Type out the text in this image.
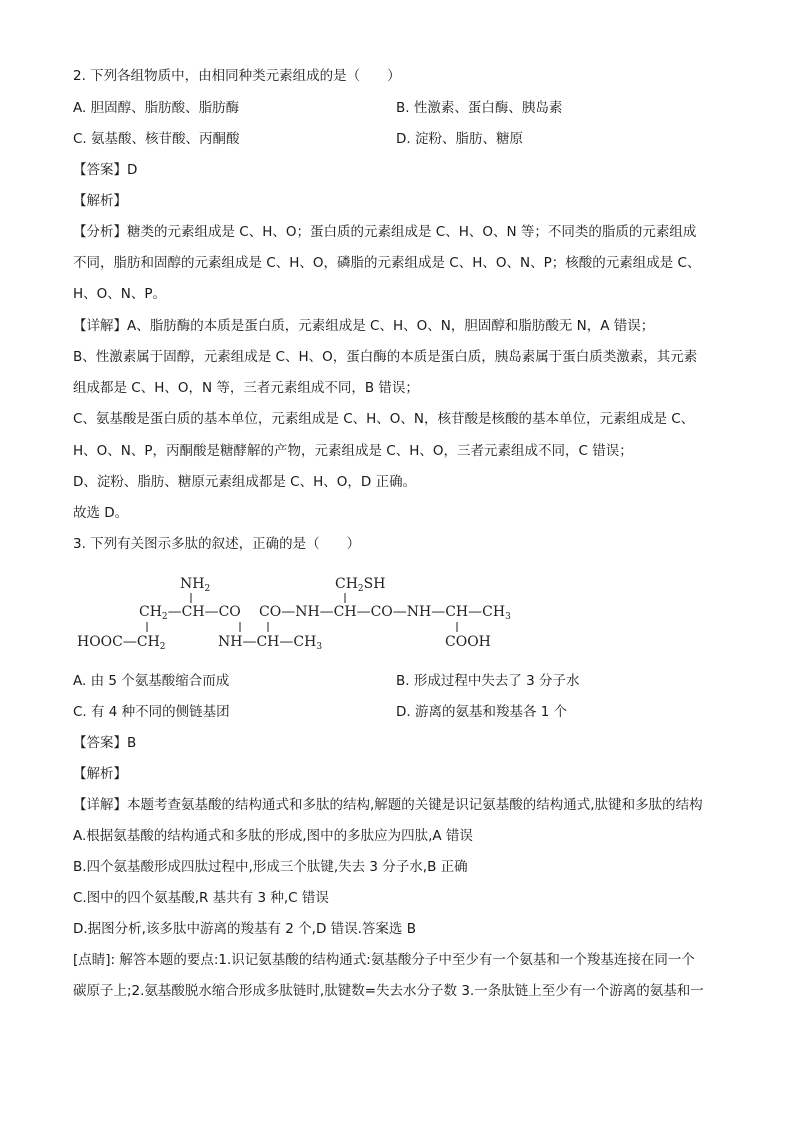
2. 下列各组物质中，由相同种类元素组成的是（　　）
A. 胆固醇、脂肪酸、脂肪酶	B. 性激素、蛋白酶、胰岛素
C. 氨基酸、核苷酸、丙酮酸	D. 淀粉、脂肪、糖原
【答案】D
【解析】
【分析】糖类的元素组成是 C、H、O；蛋白质的元素组成是 C、H、O、N 等；不同类的脂质的元素组成
不同，脂肪和固醇的元素组成是 C、H、O，磷脂的元素组成是 C、H、O、N、P；核酸的元素组成是 C、
H、O、N、P。
【详解】A、脂肪酶的本质是蛋白质，元素组成是 C、H、O、N，胆固醇和脂肪酸无 N，A 错误；
B、性激素属于固醇，元素组成是 C、H、O，蛋白酶的本质是蛋白质，胰岛素属于蛋白质类激素，其元素
组成都是 C、H、O，N 等，三者元素组成不同，B 错误；
C、氨基酸是蛋白质的基本单位，元素组成是 C、H、O、N，核苷酸是核酸的基本单位，元素组成是 C、
H、O、N、P，丙酮酸是糖酵解的产物，元素组成是 C、H、O，三者元素组成不同，C 错误；
D、淀粉、脂肪、糖原元素组成都是 C、H、O，D 正确。
故选 D。
3. 下列有关图示多肽的叙述，正确的是（　　）
$NH_2$	$CH_2SH$
$CH_2—CH—CO$ $CO—NH—CH—CO—NH—CH—CH_3$
$HOOC—CH_2$	$NH—CH—CH_3$	COOH
A. 由 5 个氨基酸缩合而成	B. 形成过程中失去了 3 分子水
C. 有 4 种不同的侧链基团	D. 游离的氨基和羧基各 1 个
【答案】B
【解析】
【详解】本题考查氨基酸的结构通式和多肽的结构,解题的关键是识记氨基酸的结构通式,肽键和多肽的结构
A.根据氨基酸的结构通式和多肽的形成,图中的多肽应为四肽,A 错误
B.四个氨基酸形成四肽过程中,形成三个肽键,失去 3 分子水,B 正确
C.图中的四个氨基酸,R 基共有 3 种,C 错误
D.据图分析,该多肽中游离的羧基有 2 个,D 错误.答案选 B
[点睛]: 解答本题的要点:1.识记氨基酸的结构通式:氨基酸分子中至少有一个氨基和一个羧基连接在同一个
碳原子上;2.氨基酸脱水缩合形成多肽链时,肽键数=失去水分子数 3.一条肽链上至少有一个游离的氨基和一
